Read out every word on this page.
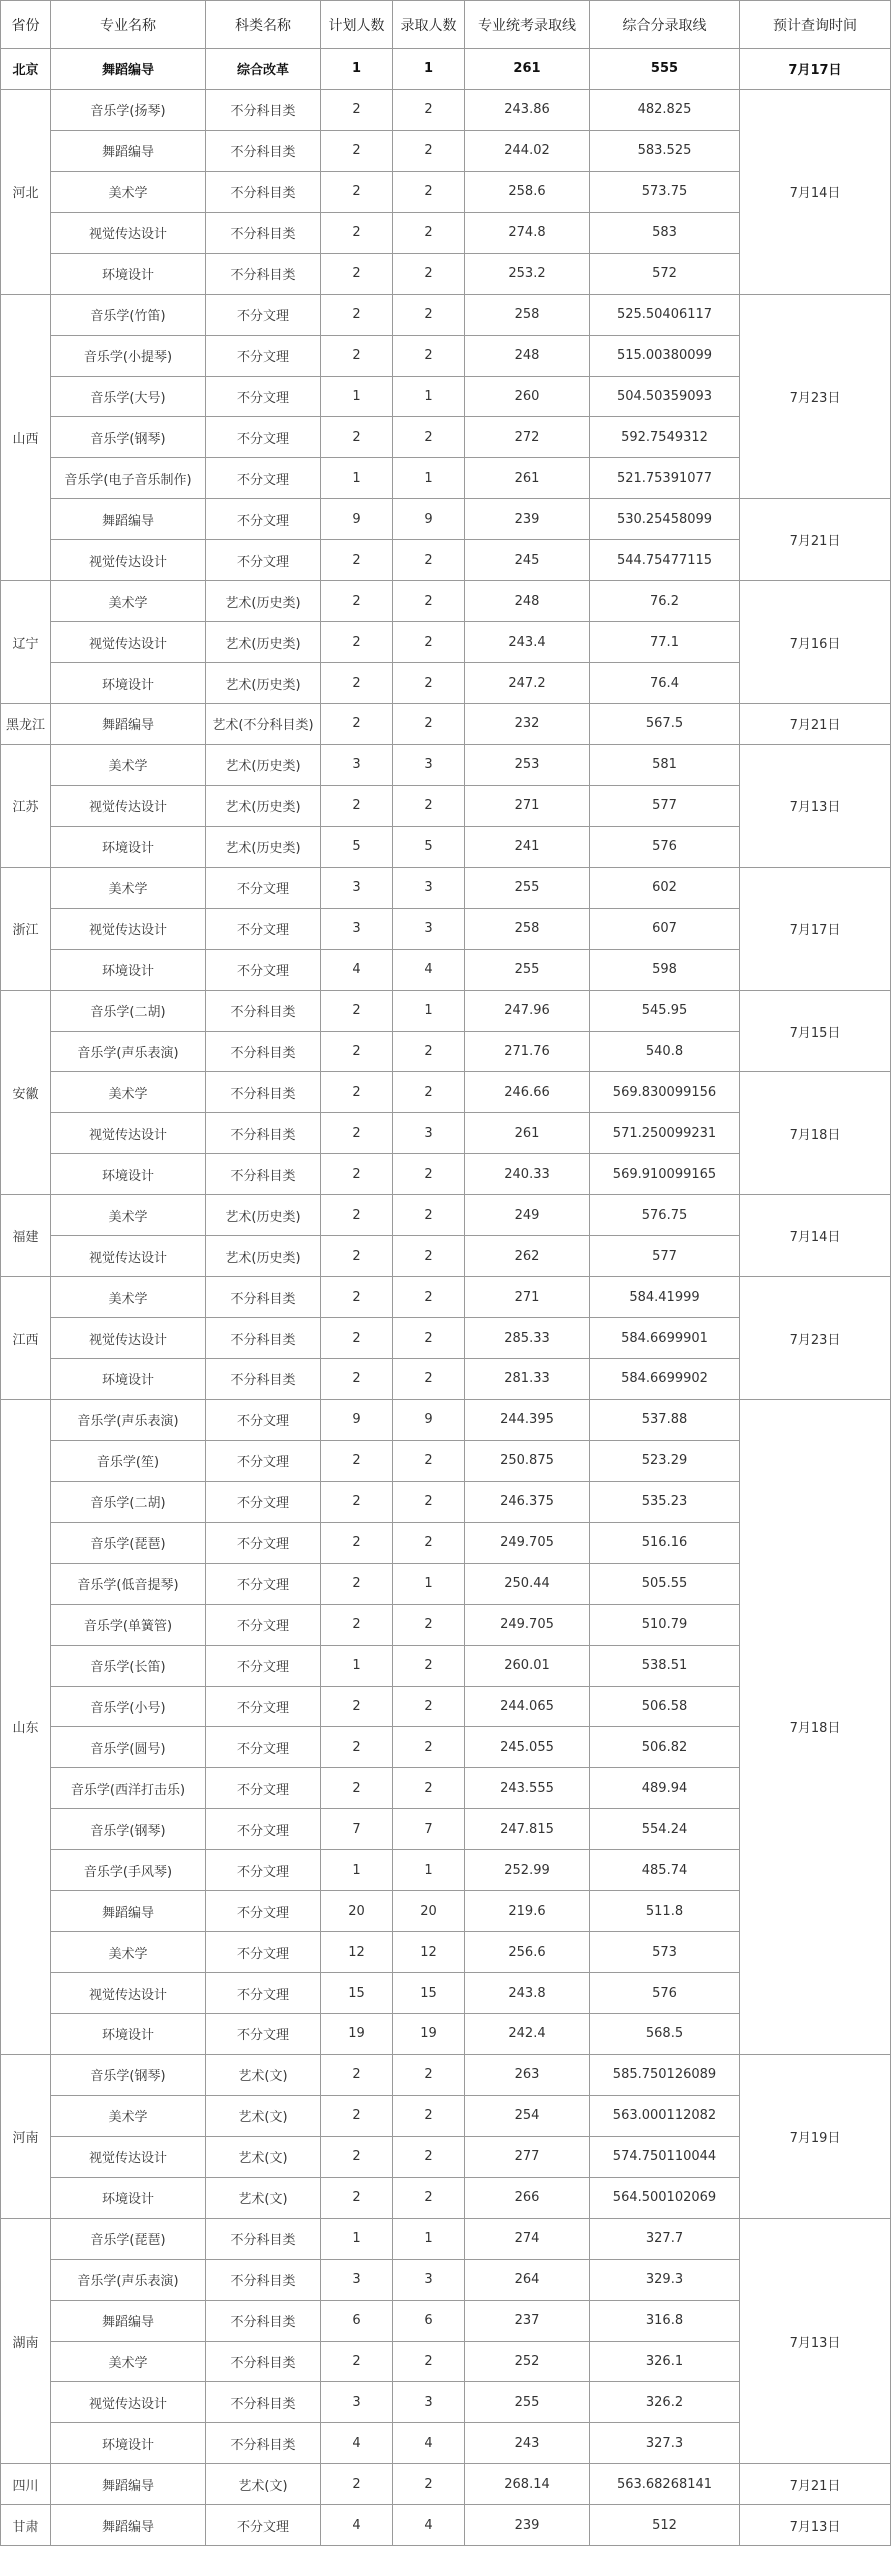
省份	专业名称	科类名称	计划人数	录取人数	专业统考录取线	综合分录取线	预计查询时间
北京	舞蹈编导	综合改革	1	1	261	555	7月17日
河北	音乐学(扬琴)	不分科目类	2	2	243.86	482.825	7月14日
	舞蹈编导	不分科目类	2	2	244.02	583.525	
	美术学	不分科目类	2	2	258.6	573.75	
	视觉传达设计	不分科目类	2	2	274.8	583	
	环境设计	不分科目类	2	2	253.2	572	
山西	音乐学(竹笛)	不分文理	2	2	258	525.50406117	7月23日
	音乐学(小提琴)	不分文理	2	2	248	515.00380099	
	音乐学(大号)	不分文理	1	1	260	504.50359093	
	音乐学(钢琴)	不分文理	2	2	272	592.7549312	
	音乐学(电子音乐制作)	不分文理	1	1	261	521.75391077	
	舞蹈编导	不分文理	9	9	239	530.25458099	7月21日
	视觉传达设计	不分文理	2	2	245	544.75477115	
辽宁	美术学	艺术(历史类)	2	2	248	76.2	7月16日
	视觉传达设计	艺术(历史类)	2	2	243.4	77.1	
	环境设计	艺术(历史类)	2	2	247.2	76.4	
黑龙江	舞蹈编导	艺术(不分科目类)	2	2	232	567.5	7月21日
江苏	美术学	艺术(历史类)	3	3	253	581	7月13日
	视觉传达设计	艺术(历史类)	2	2	271	577	
	环境设计	艺术(历史类)	5	5	241	576	
浙江	美术学	不分文理	3	3	255	602	7月17日
	视觉传达设计	不分文理	3	3	258	607	
	环境设计	不分文理	4	4	255	598	
安徽	音乐学(二胡)	不分科目类	2	1	247.96	545.95	7月15日
	音乐学(声乐表演)	不分科目类	2	2	271.76	540.8	
	美术学	不分科目类	2	2	246.66	569.830099156	7月18日
	视觉传达设计	不分科目类	2	3	261	571.250099231	
	环境设计	不分科目类	2	2	240.33	569.910099165	
福建	美术学	艺术(历史类)	2	2	249	576.75	7月14日
	视觉传达设计	艺术(历史类)	2	2	262	577	
江西	美术学	不分科目类	2	2	271	584.41999	7月23日
	视觉传达设计	不分科目类	2	2	285.33	584.6699901	
	环境设计	不分科目类	2	2	281.33	584.6699902	
山东	音乐学(声乐表演)	不分文理	9	9	244.395	537.88	7月18日
	音乐学(笙)	不分文理	2	2	250.875	523.29	
	音乐学(二胡)	不分文理	2	2	246.375	535.23	
	音乐学(琵琶)	不分文理	2	2	249.705	516.16	
	音乐学(低音提琴)	不分文理	2	1	250.44	505.55	
	音乐学(单簧管)	不分文理	2	2	249.705	510.79	
	音乐学(长笛)	不分文理	1	2	260.01	538.51	
	音乐学(小号)	不分文理	2	2	244.065	506.58	
	音乐学(圆号)	不分文理	2	2	245.055	506.82	
	音乐学(西洋打击乐)	不分文理	2	2	243.555	489.94	
	音乐学(钢琴)	不分文理	7	7	247.815	554.24	
	音乐学(手风琴)	不分文理	1	1	252.99	485.74	
	舞蹈编导	不分文理	20	20	219.6	511.8	
	美术学	不分文理	12	12	256.6	573	
	视觉传达设计	不分文理	15	15	243.8	576	
	环境设计	不分文理	19	19	242.4	568.5	
河南	音乐学(钢琴)	艺术(文)	2	2	263	585.750126089	7月19日
	美术学	艺术(文)	2	2	254	563.000112082	
	视觉传达设计	艺术(文)	2	2	277	574.750110044	
	环境设计	艺术(文)	2	2	266	564.500102069	
湖南	音乐学(琵琶)	不分科目类	1	1	274	327.7	7月13日
	音乐学(声乐表演)	不分科目类	3	3	264	329.3	
	舞蹈编导	不分科目类	6	6	237	316.8	
	美术学	不分科目类	2	2	252	326.1	
	视觉传达设计	不分科目类	3	3	255	326.2	
	环境设计	不分科目类	4	4	243	327.3	
四川	舞蹈编导	艺术(文)	2	2	268.14	563.68268141	7月21日
甘肃	舞蹈编导	不分文理	4	4	239	512	7月13日
